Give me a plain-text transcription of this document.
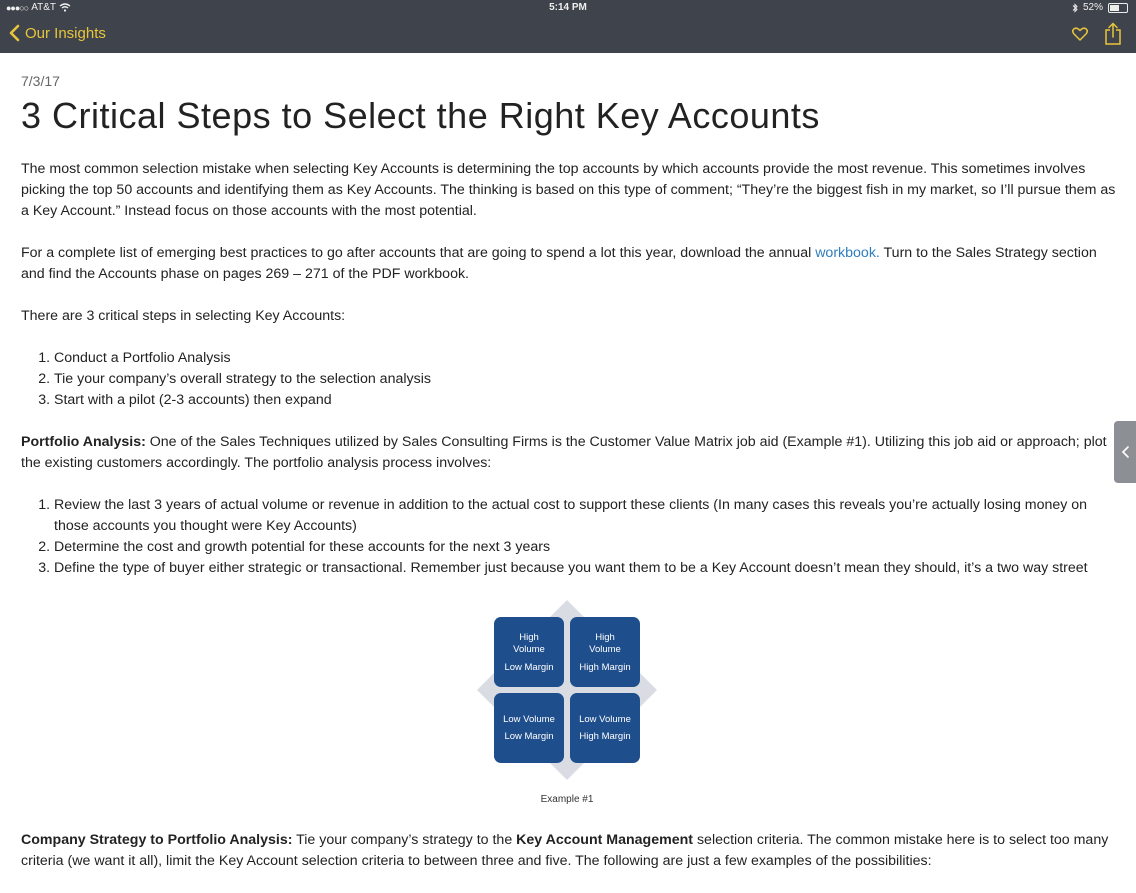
●●●○○ AT&T	5:14 PM	52%
Our Insights
7/3/17
3 Critical Steps to Select the Right Key Accounts

The most common selection mistake when selecting Key Accounts is determining the top accounts by which accounts provide the most revenue. This sometimes involves picking the top 50 accounts and identifying them as Key Accounts. The thinking is based on this type of comment; “They’re the biggest fish in my market, so I’ll pursue them as a Key Account.” Instead focus on those accounts with the most potential.

For a complete list of emerging best practices to go after accounts that are going to spend a lot this year, download the annual workbook. Turn to the Sales Strategy section and find the Accounts phase on pages 269 – 271 of the PDF workbook.

There are 3 critical steps in selecting Key Accounts:

1. Conduct a Portfolio Analysis
2. Tie your company’s overall strategy to the selection analysis
3. Start with a pilot (2-3 accounts) then expand

Portfolio Analysis: One of the Sales Techniques utilized by Sales Consulting Firms is the Customer Value Matrix job aid (Example #1). Utilizing this job aid or approach; plot the existing customers accordingly. The portfolio analysis process involves:

1. Review the last 3 years of actual volume or revenue in addition to the actual cost to support these clients (In many cases this reveals you’re actually losing money on those accounts you thought were Key Accounts)
2. Determine the cost and growth potential for these accounts for the next 3 years
3. Define the type of buyer either strategic or transactional. Remember just because you want them to be a Key Account doesn’t mean they should, it’s a two way street
High
Volume
Low Margin
High
Volume
High Margin
Low Volume
Low Margin
Low Volume
High Margin
Example #1

Company Strategy to Portfolio Analysis: Tie your company’s strategy to the Key Account Management selection criteria. The common mistake here is to select too many criteria (we want it all), limit the Key Account selection criteria to between three and five. The following are just a few examples of the possibilities:
